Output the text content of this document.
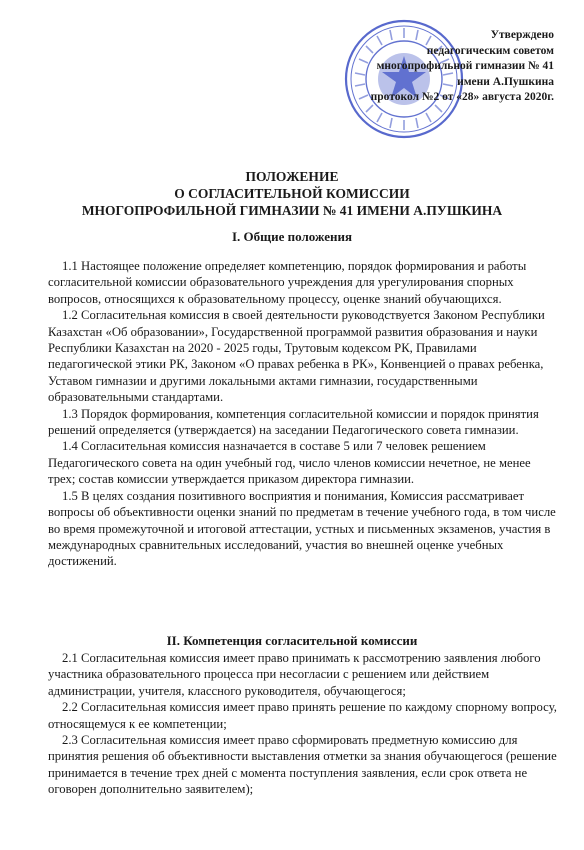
Утверждено
педагогическим советом
многопрофильной гимназии № 41
имени А.Пушкина
протокол №2 от «28» августа 2020г.
ПОЛОЖЕНИЕ
О СОГЛАСИТЕЛЬНОЙ КОМИССИИ
МНОГОПРОФИЛЬНОЙ ГИМНАЗИИ № 41 ИМЕНИ А.ПУШКИНА
I. Общие положения

1.1 Настоящее положение определяет компетенцию, порядок формирования и работы согласительной комиссии образовательного учреждения для урегулирования спорных вопросов, относящихся к образовательному процессу, оценке знаний обучающихся.

1.2 Согласительная комиссия в своей деятельности руководствуется Законом Республики Казахстан «Об образовании», Государственной программой развития образования и науки Республики Казахстан на 2020 - 2025 годы, Трутовым кодексом РК, Правилами педагогической этики РК, Законом «О правах ребенка в РК», Конвенцией о правах ребенка, Уставом гимназии и другими локальными актами гимназии, государственными образовательными стандартами.

1.3 Порядок формирования, компетенция согласительной комиссии и порядок принятия решений определяется (утверждается) на заседании Педагогического совета гимназии.

1.4 Согласительная комиссия назначается в составе 5 или 7 человек решением Педагогического совета на один учебный год, число членов комиссии нечетное, не менее трех; состав комиссии утверждается приказом директора гимназии.

1.5 В целях создания позитивного восприятия и понимания, Комиссия рассматривает вопросы об объективности оценки знаний по предметам в течение учебного года, в том числе во время промежуточной и итоговой аттестации, устных и письменных экзаменов, участия в международных сравнительных исследований, участия во внешней оценке учебных достижений.

II. Компетенция согласительной комиссии

2.1 Согласительная комиссия имеет право принимать к рассмотрению заявления любого участника образовательного процесса при несогласии с решением или действием администрации, учителя, классного руководителя, обучающегося;

2.2 Согласительная комиссия имеет право принять решение по каждому спорному вопросу, относящемуся к ее компетенции;

2.3 Согласительная комиссия имеет право сформировать предметную комиссию для принятия решения об объективности выставления отметки за знания обучающегося (решение принимается в течение трех дней с момента поступления заявления, если срок ответа не оговорен дополнительно заявителем);
